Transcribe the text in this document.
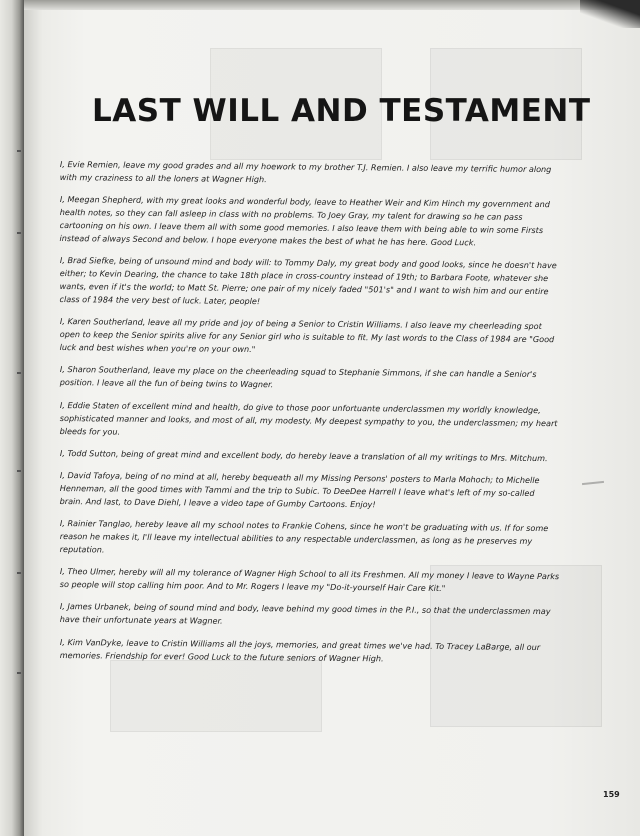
LAST WILL AND TESTAMENT

I, Evie Remien, leave my good grades and all my hoework to my brother T.J. Remien. I also leave my terrific humor along with my craziness to all the loners at Wagner High.

I, Meegan Shepherd, with my great looks and wonderful body, leave to Heather Weir and Kim Hinch my government and health notes, so they can fall asleep in class with no problems. To Joey Gray, my talent for drawing so he can pass cartooning on his own. I leave them all with some good memories. I also leave them with being able to win some Firsts instead of always Second and below. I hope everyone makes the best of what he has here. Good Luck.

I, Brad Siefke, being of unsound mind and body will: to Tommy Daly, my great body and good looks, since he doesn't have either; to Kevin Dearing, the chance to take 18th place in cross-country instead of 19th; to Barbara Foote, whatever she wants, even if it's the world; to Matt St. Pierre; one pair of my nicely faded "501's" and I want to wish him and our entire class of 1984 the very best of luck. Later, people!

I, Karen Southerland, leave all my pride and joy of being a Senior to Cristin Williams. I also leave my cheerleading spot open to keep the Senior spirits alive for any Senior girl who is suitable to fit. My last words to the Class of 1984 are "Good luck and best wishes when you're on your own."

I, Sharon Southerland, leave my place on the cheerleading squad to Stephanie Simmons, if she can handle a Senior's position. I leave all the fun of being twins to Wagner.

I, Eddie Staten of excellent mind and health, do give to those poor unfortuante underclassmen my worldly knowledge, sophisticated manner and looks, and most of all, my modesty. My deepest sympathy to you, the underclassmen; my heart bleeds for you.

I, Todd Sutton, being of great mind and excellent body, do hereby leave a translation of all my writings to Mrs. Mitchum.

I, David Tafoya, being of no mind at all, hereby bequeath all my Missing Persons' posters to Marla Mohoch; to Michelle Henneman, all the good times with Tammi and the trip to Subic. To DeeDee Harrell I leave what's left of my so-called brain. And last, to Dave Diehl, I leave a video tape of Gumby Cartoons. Enjoy!

I, Rainier Tanglao, hereby leave all my school notes to Frankie Cohens, since he won't be graduating with us. If for some reason he makes it, I'll leave my intellectual abilities to any respectable underclassmen, as long as he preserves my reputation.

I, Theo Ulmer, hereby will all my tolerance of Wagner High School to all its Freshmen. All my money I leave to Wayne Parks so people will stop calling him poor. And to Mr. Rogers I leave my "Do-it-yourself Hair Care Kit."

I, James Urbanek, being of sound mind and body, leave behind my good times in the P.I., so that the underclassmen may have their unfortunate years at Wagner.

I, Kim VanDyke, leave to Cristin Williams all the joys, memories, and great times we've had. To Tracey LaBarge, all our memories. Friendship for ever! Good Luck to the future seniors of Wagner High.

159
